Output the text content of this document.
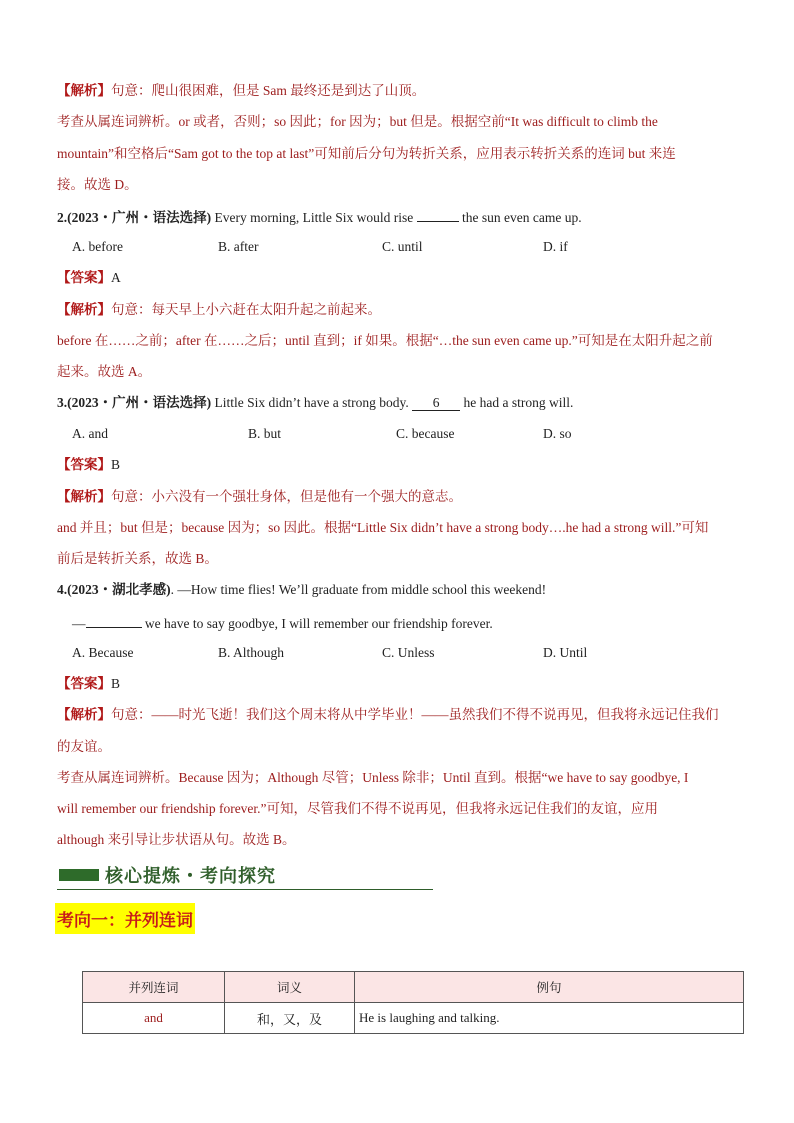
【解析】句意：爬山很困难，但是 Sam 最终还是到达了山顶。
考查从属连词辨析。or 或者，否则；so 因此；for 因为；but 但是。根据空前“It was difficult to climb the
mountain”和空格后“Sam got to the top at last”可知前后分句为转折关系，应用表示转折关系的连词 but 来连
接。故选 D。
2.(2023・广州・语法选择) Every morning, Little Six would rise	the sun even came up.
A. before	B. after	C. until	D. if
【答案】A
【解析】句意：每天早上小六赶在太阳升起之前起来。
before 在……之前；after 在……之后；until 直到；if 如果。根据“…the sun even came up.”可知是在太阳升起之前
起来。故选 A。
3.(2023・广州・语法选择) Little Six didn’t have a strong body. 6 he had a strong will.
A. and	B. but	C. because	D. so
【答案】B
【解析】句意：小六没有一个强壮身体，但是他有一个强大的意志。
and 并且；but 但是；because 因为；so 因此。根据“Little Six didn’t have a strong body….he had a strong will.”可知
前后是转折关系，故选 B。
4.(2023・湖北孝感). —How time flies! We’ll graduate from middle school this weekend!
—	we have to say goodbye, I will remember our friendship forever.
A. Because	B. Although	C. Unless	D. Until
【答案】B
【解析】句意：——时光飞逝！我们这个周末将从中学毕业！——虽然我们不得不说再见，但我将永远记住我们
的友谊。
考查从属连词辨析。Because 因为；Although 尽管；Unless 除非；Until 直到。根据“we have to say goodbye, I
will remember our friendship forever.”可知，尽管我们不得不说再见，但我将永远记住我们的友谊，应用
although 来引导让步状语从句。故选 B。
核心提炼・考向探究
考向一：并列连词
并列连词	词义	例句
and	和，又，及	He is laughing and talking.
